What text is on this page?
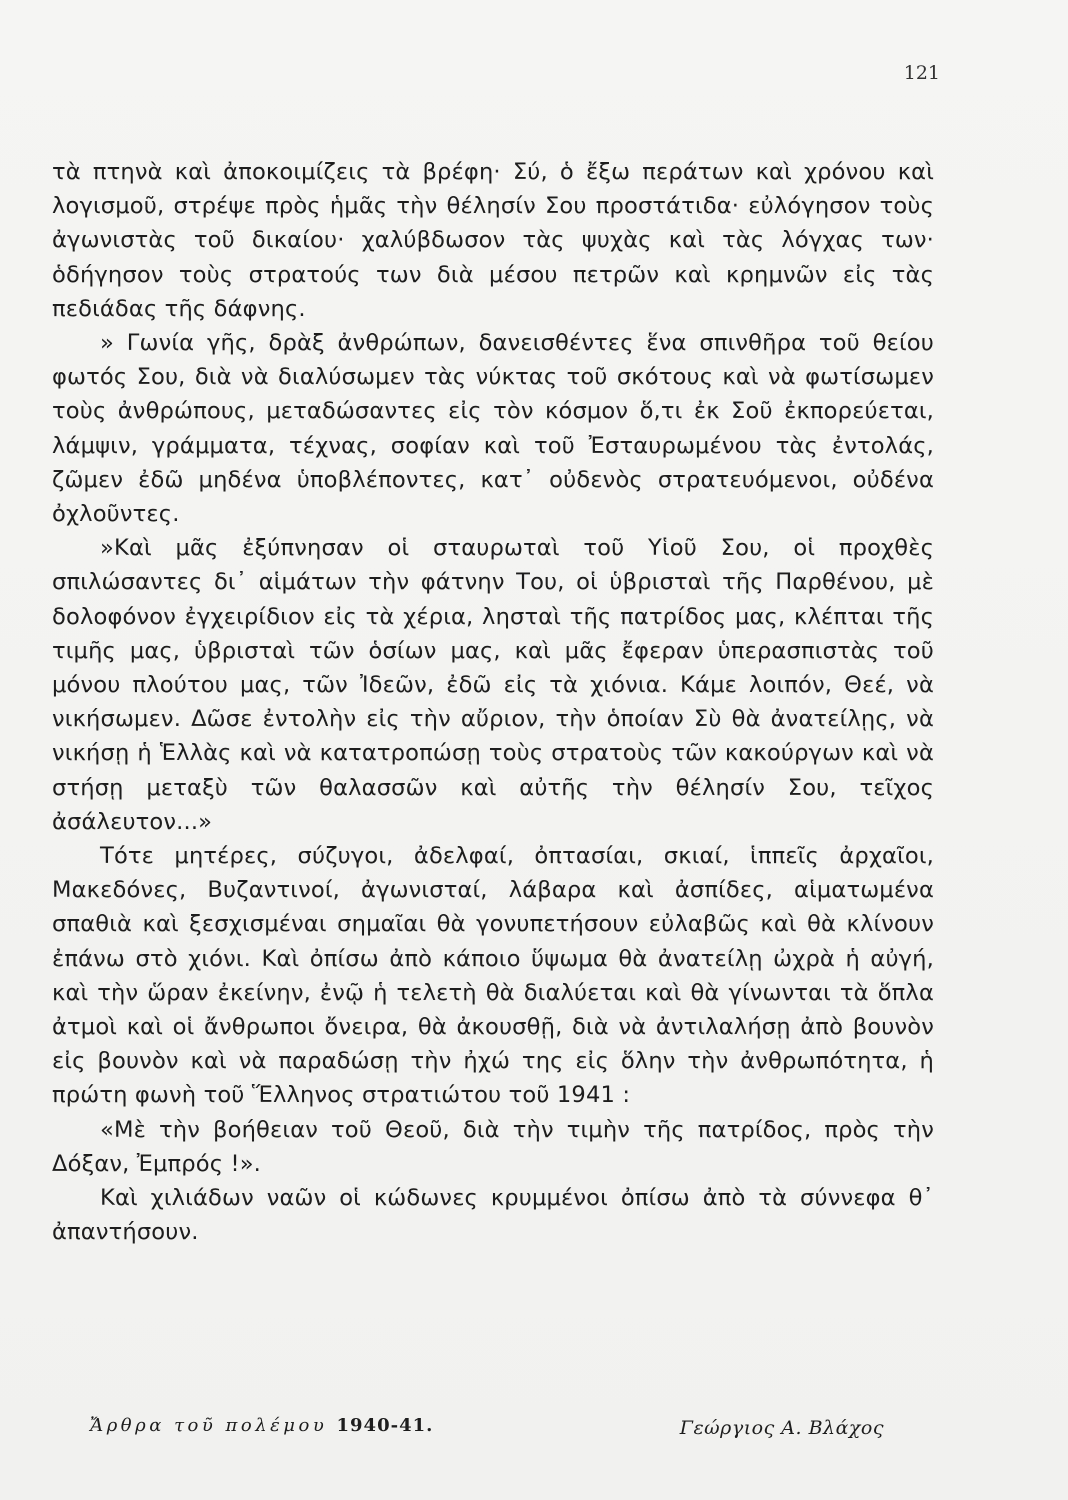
121

τὰ πτηνὰ καὶ ἀποκοιμίζεις τὰ βρέφη· Σύ, ὁ ἔξω περάτων καὶ χρόνου καὶ λογισμοῦ, στρέψε πρὸς ἡμᾶς τὴν θέλησίν Σου προστάτιδα· εὐλόγησον τοὺς ἀγωνιστὰς τοῦ δικαίου· χαλύβδωσον τὰς ψυχὰς καὶ τὰς λόγχας των· ὁδήγησον τοὺς στρατούς των διὰ μέσου πετρῶν καὶ κρημνῶν εἰς τὰς πεδιάδας τῆς δάφνης.

» Γωνία γῆς, δρὰξ ἀνθρώπων, δανεισθέντες ἕνα σπινθῆρα τοῦ θείου φωτός Σου, διὰ νὰ διαλύσωμεν τὰς νύκτας τοῦ σκότους καὶ νὰ φωτίσωμεν τοὺς ἀνθρώπους, μεταδώσαντες εἰς τὸν κόσμον ὅ,τι ἐκ Σοῦ ἐκπορεύεται, λάμψιν, γράμματα, τέχνας, σοφίαν καὶ τοῦ Ἐσταυρωμένου τὰς ἐντολάς, ζῶμεν ἐδῶ μηδένα ὑποβλέποντες, κατ᾽ οὐδενὸς στρατευόμενοι, οὐδένα ὀχλοῦντες.

»Καὶ μᾶς ἐξύπνησαν οἱ σταυρωταὶ τοῦ Υἱοῦ Σου, οἱ προχθὲς σπιλώσαντες δι᾽ αἱμάτων τὴν φάτνην Του, οἱ ὑβρισταὶ τῆς Παρθένου, μὲ δολοφόνον ἐγχειρίδιον εἰς τὰ χέρια, λησταὶ τῆς πατρίδος μας, κλέπται τῆς τιμῆς μας, ὑβρισταὶ τῶν ὁσίων μας, καὶ μᾶς ἔφεραν ὑπερασπιστὰς τοῦ μόνου πλούτου μας, τῶν Ἰδεῶν, ἐδῶ εἰς τὰ χιόνια. Κάμε λοιπόν, Θεέ, νὰ νικήσωμεν. Δῶσε ἐντολὴν εἰς τὴν αὔριον, τὴν ὁποίαν Σὺ θὰ ἀνατείλῃς, νὰ νικήσῃ ἡ Ἑλλὰς καὶ νὰ κατατροπώσῃ τοὺς στρατοὺς τῶν κακούργων καὶ νὰ στήσῃ μεταξὺ τῶν θαλασσῶν καὶ αὐτῆς τὴν θέλησίν Σου, τεῖχος ἀσάλευτον...»

Τότε μητέρες, σύζυγοι, ἀδελφαί, ὀπτασίαι, σκιαί, ἱππεῖς ἀρχαῖοι, Μακεδόνες, Βυζαντινοί, ἀγωνισταί, λάβαρα καὶ ἀσπίδες, αἱματωμένα σπαθιὰ καὶ ξεσχισμέναι σημαῖαι θὰ γονυπετήσουν εὐλαβῶς καὶ θὰ κλίνουν ἐπάνω στὸ χιόνι. Καὶ ὀπίσω ἀπὸ κάποιο ὕψωμα θὰ ἀνατείλῃ ὠχρὰ ἡ αὐγή, καὶ τὴν ὥραν ἐκείνην, ἐνῷ ἡ τελετὴ θὰ διαλύεται καὶ θὰ γίνωνται τὰ ὅπλα ἀτμοὶ καὶ οἱ ἄνθρωποι ὄνειρα, θὰ ἀκουσθῇ, διὰ νὰ ἀντιλαλήσῃ ἀπὸ βουνὸν εἰς βουνὸν καὶ νὰ παραδώσῃ τὴν ἠχώ της εἰς ὅλην τὴν ἀνθρωπότητα, ἡ πρώτη φωνὴ τοῦ Ἕλληνος στρατιώτου τοῦ 1941 :

«Μὲ τὴν βοήθειαν τοῦ Θεοῦ, διὰ τὴν τιμὴν τῆς πατρίδος, πρὸς τὴν Δόξαν, Ἐμπρός !».

Καὶ χιλιάδων ναῶν οἱ κώδωνες κρυμμένοι ὀπίσω ἀπὸ τὰ σύννεφα θ᾽ ἀπαντήσουν.

Ἄρθρα τοῦ πολέμου 1940-41.	Γεώργιος Α. Βλάχος
